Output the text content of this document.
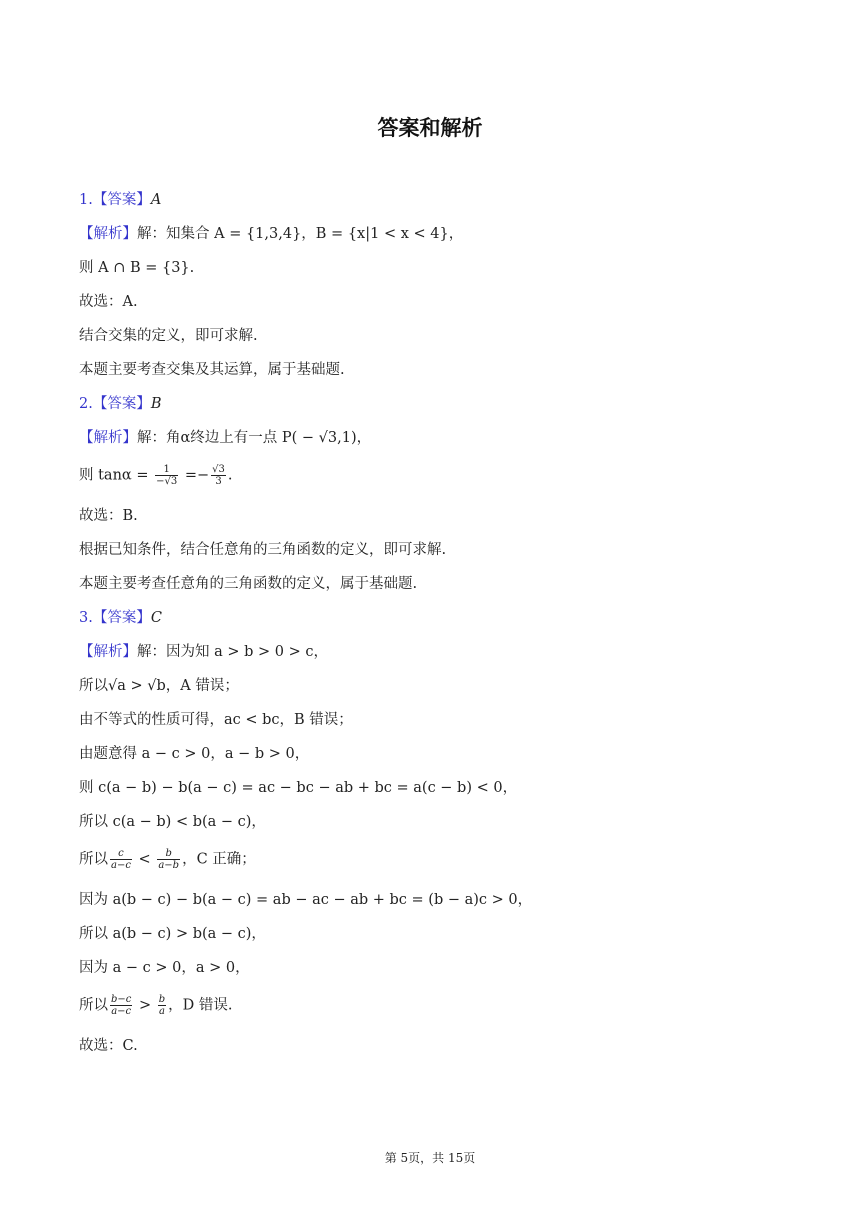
答案和解析
1.【答案】A
【解析】解：知集合 A = {1,3,4}，B = {x|1 < x < 4}，
则 A ∩ B = {3}.
故选：A.
结合交集的定义，即可求解.
本题主要考查交集及其运算，属于基础题.
2.【答案】B
【解析】解：角α终边上有一点 P( − √3,1)，
则 $\tan\alpha = \frac{1}{-√3} =- \frac{√3}{3}$ .
故选：B.
根据已知条件，结合任意角的三角函数的定义，即可求解.
本题主要考查任意角的三角函数的定义，属于基础题.
3.【答案】C
【解析】解：因为知 a > b > 0 > c，
所以√a > √b，A 错误；
由不等式的性质可得，ac < bc，B 错误；
由题意得 a − c > 0，a − b > 0，
则 c(a − b) − b(a − c) = ac − bc − ab + bc = a(c − b) < 0，
所以 c(a − b) < b(a − c)，
所以 $\frac{c}{a-c} < \frac{b}{a-b}$ ，C 正确；
因为 a(b − c) − b(a − c) = ab − ac − ab + bc = (b − a)c > 0，
所以 a(b − c) > b(a − c)，
因为 a − c > 0，a > 0，
所以 $\frac{b-c}{a-c} > \frac{b}{a}$ ，D 错误.
故选：C.
第 5页，共 15页
